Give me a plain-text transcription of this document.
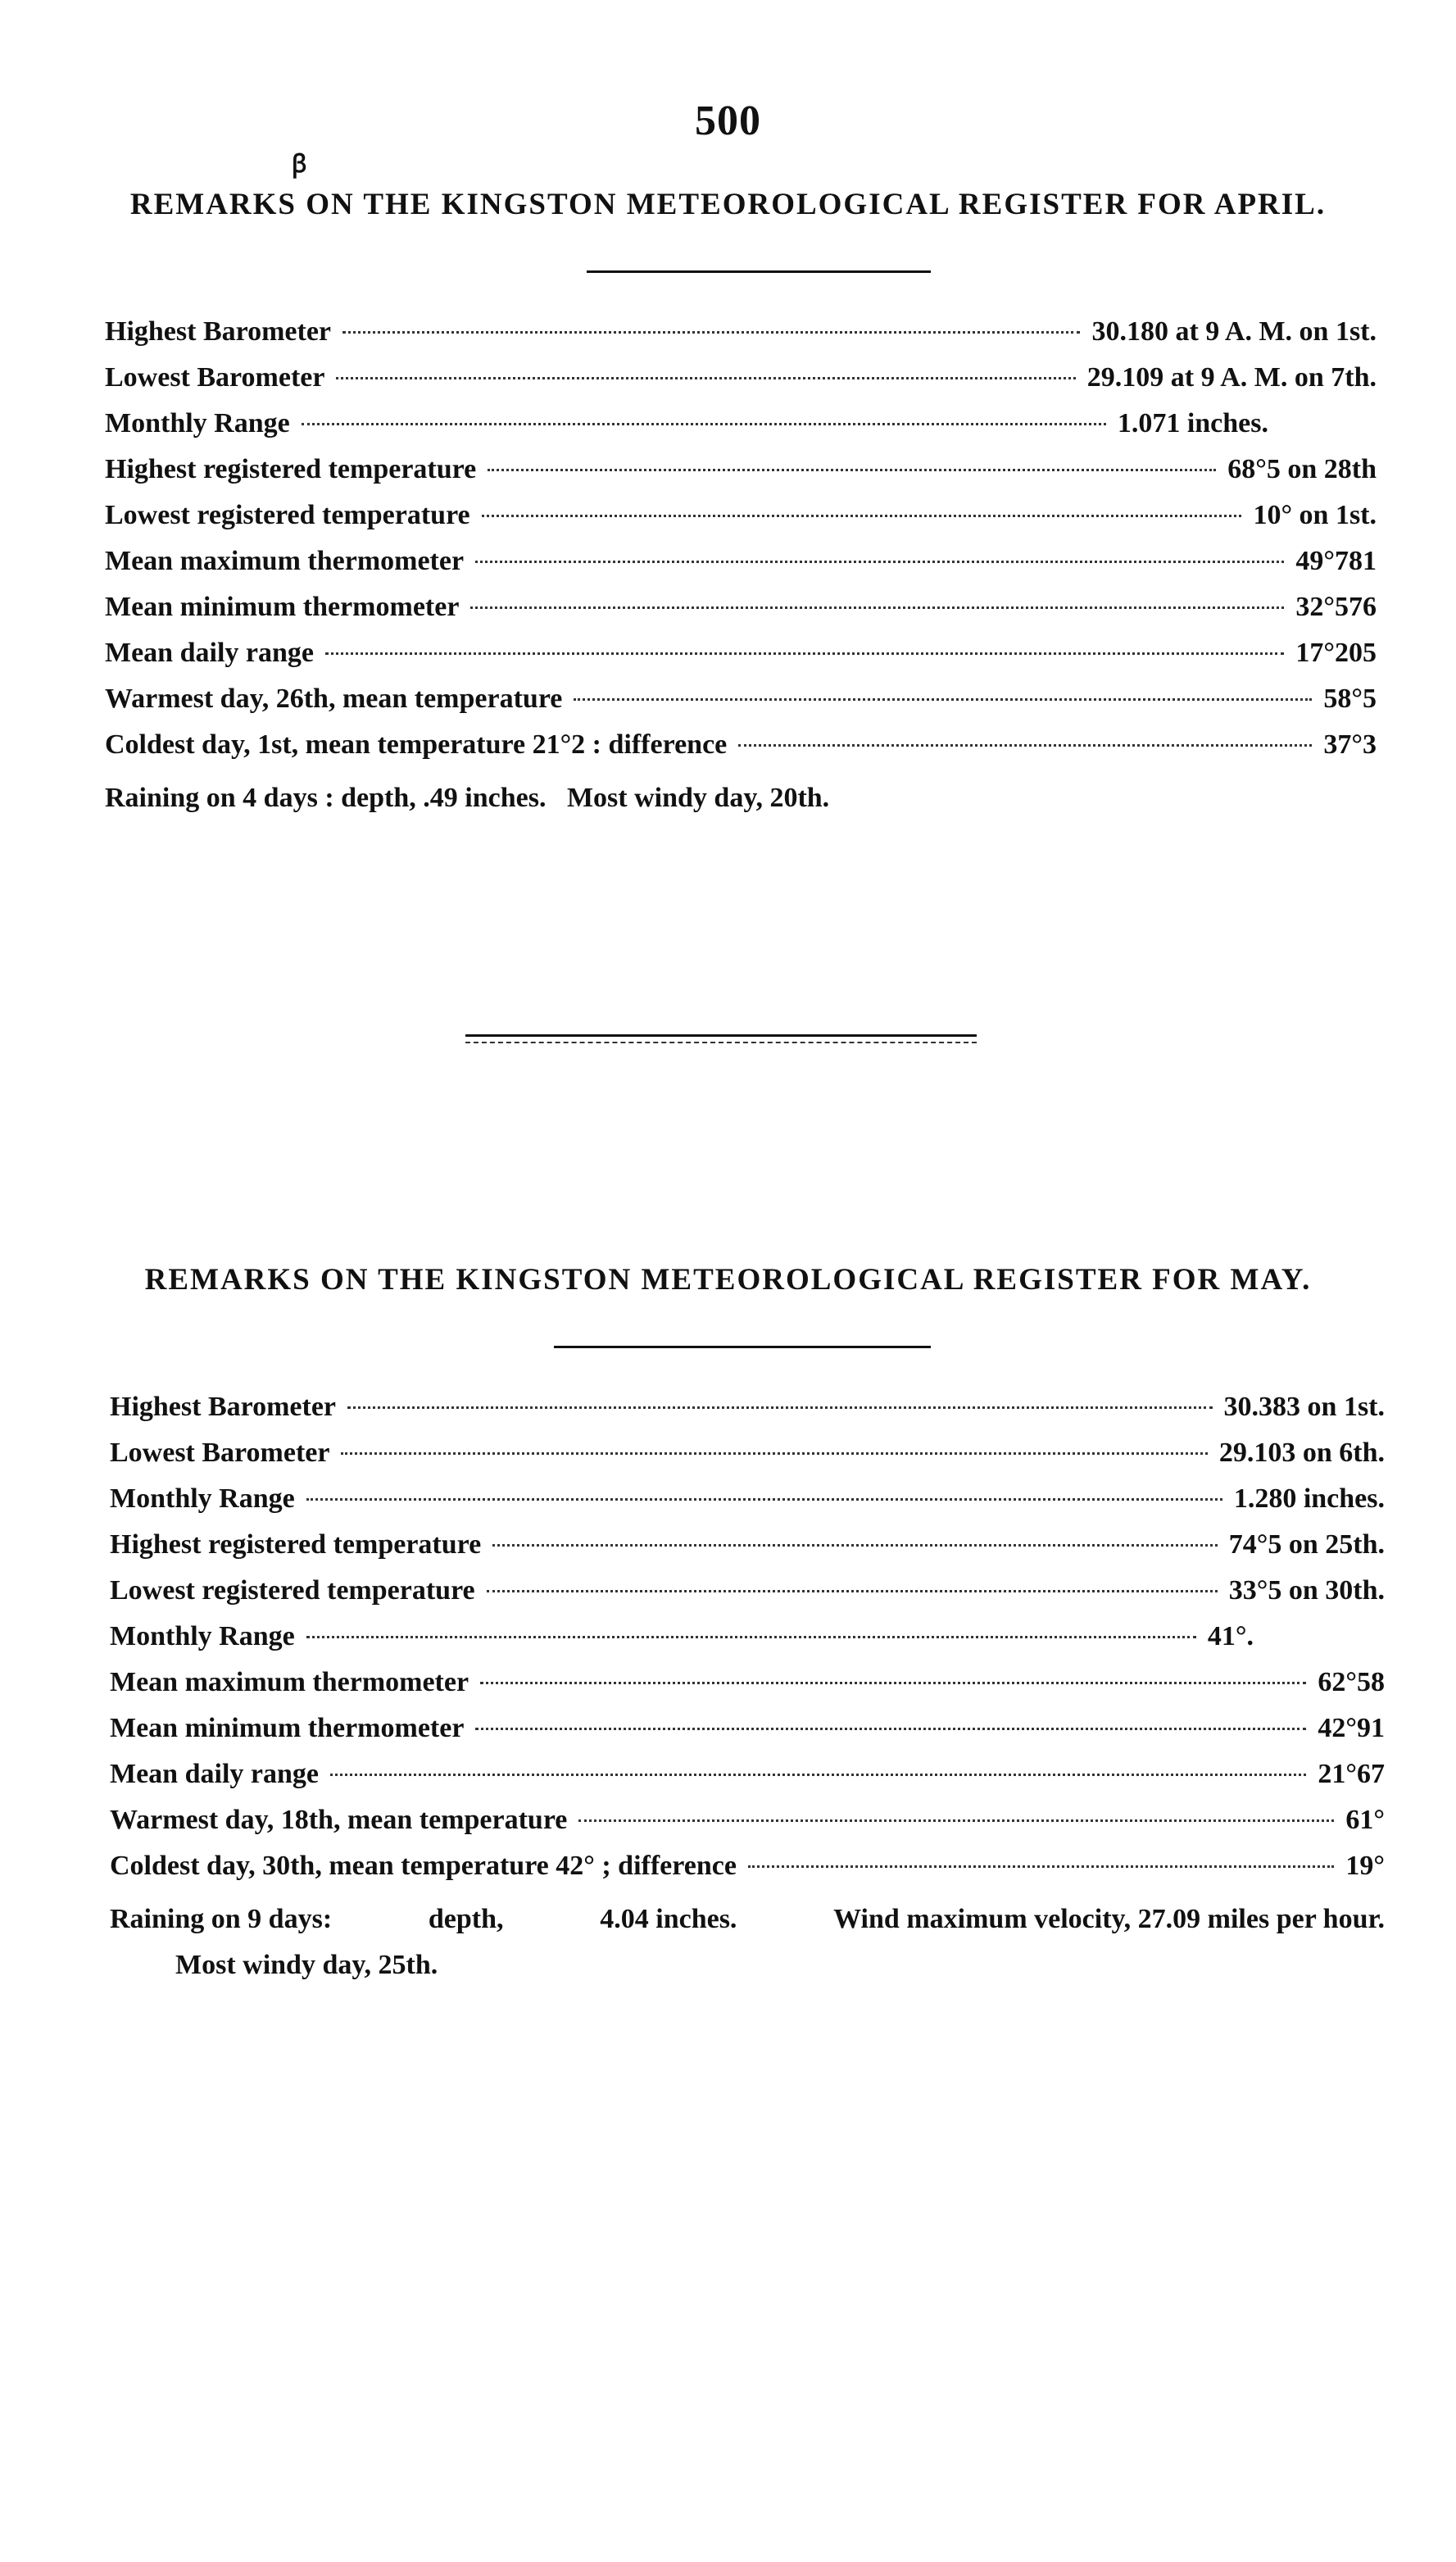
500
ꞵ
REMARKS ON THE KINGSTON METEOROLOGICAL REGISTER FOR APRIL.
Highest Barometer	30.180 at 9 A. M. on 1st.
Lowest Barometer	29.109 at 9 A. M. on 7th.
Monthly Range	1.071 inches.
Highest registered temperature	68°5 on 28th
Lowest registered temperature	10° on 1st.
Mean maximum thermometer	49°781
Mean minimum thermometer	32°576
Mean daily range	17°205
Warmest day, 26th, mean temperature	58°5
Coldest day, 1st, mean temperature 21°2 : difference	37°3
Raining on 4 days : depth, .49 inches.   Most windy day, 20th.
REMARKS ON THE KINGSTON METEOROLOGICAL REGISTER FOR MAY.
Highest Barometer	30.383 on 1st.
Lowest Barometer	29.103 on 6th.
Monthly Range	1.280 inches.
Highest registered temperature	74°5 on 25th.
Lowest registered temperature	33°5 on 30th.
Monthly Range	41°.
Mean maximum thermometer	62°58
Mean minimum thermometer	42°91
Mean daily range	21°67
Warmest day, 18th, mean temperature	61°
Coldest day, 30th, mean temperature 42° ; difference	19°
Raining on 9 days:	depth,	4.04 inches.	Wind maximum velocity, 27.09 miles per hour.
Most windy day, 25th.
